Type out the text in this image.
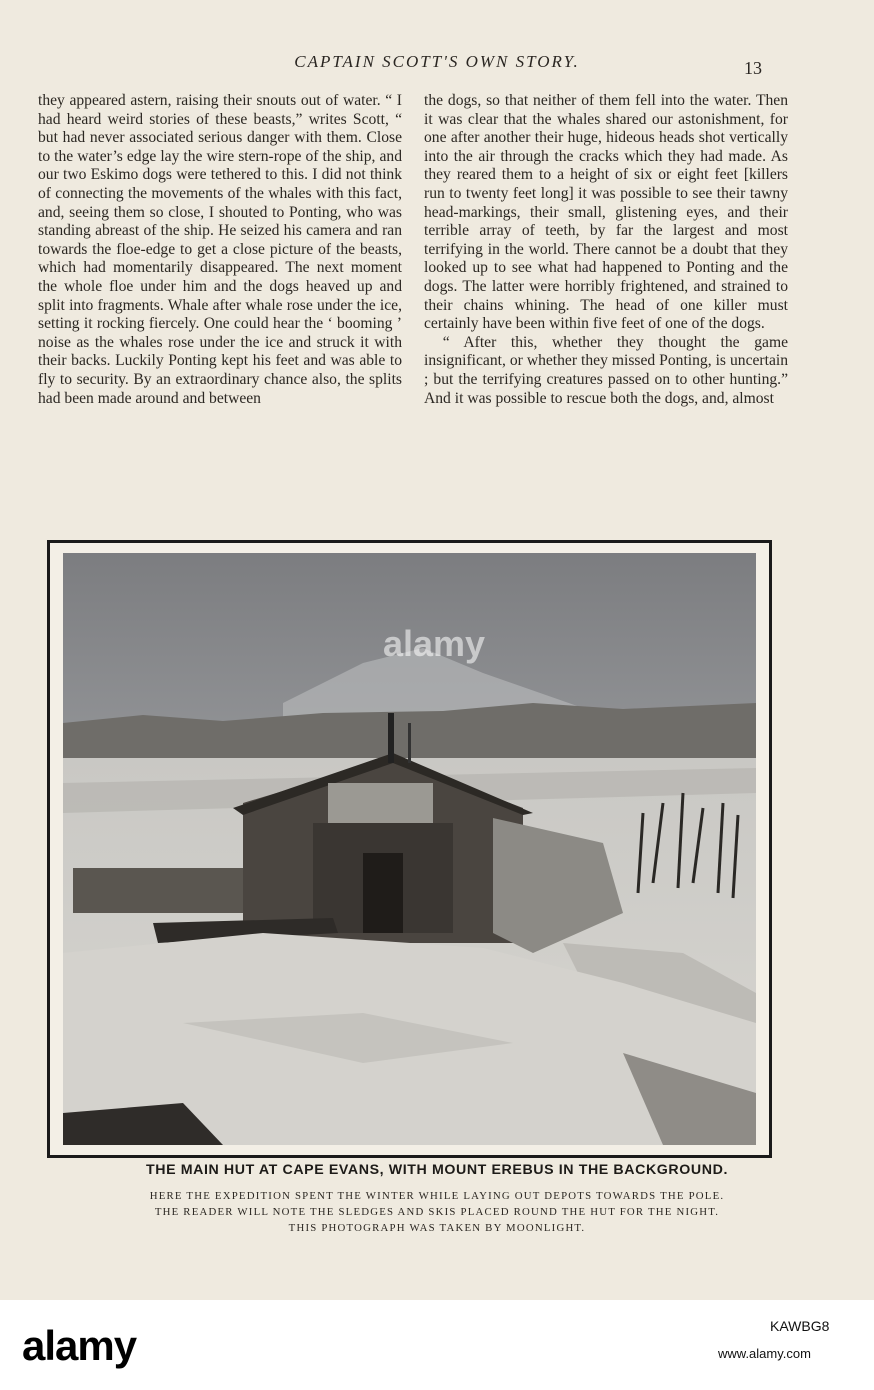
CAPTAIN SCOTT'S OWN STORY.	13

they appeared astern, raising their snouts out of water. “ I had heard weird stories of these beasts,” writes Scott, “ but had never associated serious danger with them. Close to the water’s edge lay the wire stern-rope of the ship, and our two Eskimo dogs were tethered to this. I did not think of connecting the movements of the whales with this fact, and, seeing them so close, I shouted to Ponting, who was standing abreast of the ship. He seized his camera and ran towards the floe-edge to get a close picture of the beasts, which had momentarily disappeared. The next moment the whole floe under him and the dogs heaved up and split into fragments. Whale after whale rose under the ice, setting it rocking fiercely. One could hear the ‘ booming ’ noise as the whales rose under the ice and struck it with their backs. Luckily Ponting kept his feet and was able to fly to security. By an extraordinary chance also, the splits had been made around and between

the dogs, so that neither of them fell into the water. Then it was clear that the whales shared our astonishment, for one after another their huge, hideous heads shot vertically into the air through the cracks which they had made. As they reared them to a height of six or eight feet [killers run to twenty feet long] it was possible to see their tawny head-markings, their small, glistening eyes, and their terrible array of teeth, by far the largest and most terrifying in the world. There cannot be a doubt that they looked up to see what had happened to Ponting and the dogs. The latter were horribly frightened, and strained to their chains whining. The head of one killer must certainly have been within five feet of one of the dogs.

“ After this, whether they thought the game insignificant, or whether they missed Ponting, is uncertain ; but the terrifying creatures passed on to other hunting.” And it was possible to rescue both the dogs, and, almost

alamy
THE MAIN HUT AT CAPE EVANS, WITH MOUNT EREBUS IN THE BACKGROUND.
HERE THE EXPEDITION SPENT THE WINTER WHILE LAYING OUT DEPOTS TOWARDS THE POLE.
THE READER WILL NOTE THE SLEDGES AND SKIS PLACED ROUND THE HUT FOR THE NIGHT.
THIS PHOTOGRAPH WAS TAKEN BY MOONLIGHT.
alamy	KAWBG8
www.alamy.com
